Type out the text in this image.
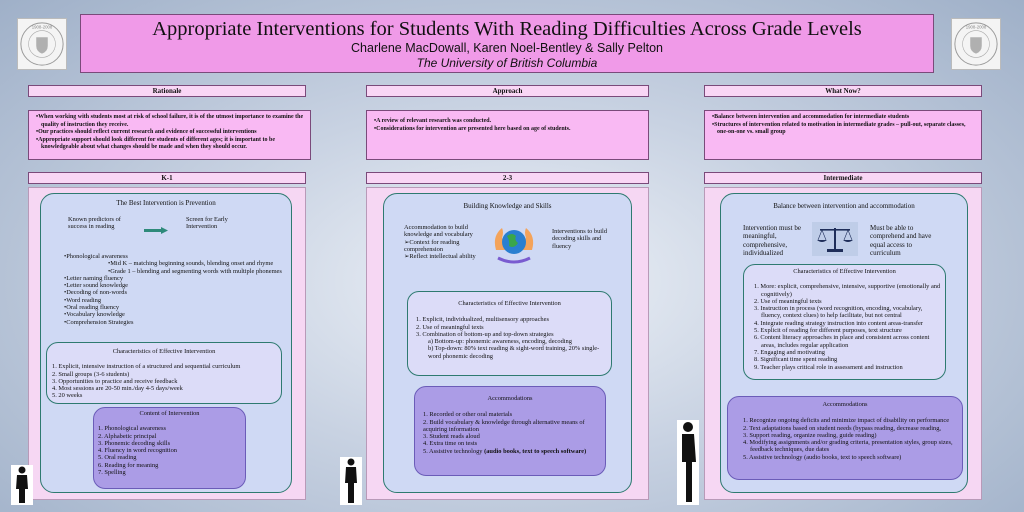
Appropriate Interventions for Students With Reading Difficulties Across Grade Levels
Charlene MacDowall, Karen Noel-Bentley & Sally Pelton
The University of British Columbia
1908-2008	1908-2008
Rationale	Approach	What Now?
• When working with students most at risk of school failure, it is of the utmost importance to examine the quality of instruction they receive.
• Our practices should reflect current research and evidence of successful interventions
• Appropriate support should look different for students of different ages; it is important to be knowledgeable about what changes should be made and when they should occur.
• A review of relevant research was conducted.
• Considerations for intervention are presented here based on age of students.
• Balance between intervention and accommodation for intermediate students
• Structures of intervention related to motivation in intermediate grades – pull-out, separate classes, one-on-one vs. small group
K-1	2-3	Intermediate
The Best Intervention is Prevention
Known predictors of success in reading
Screen for Early Intervention
•Phonological awareness
•Mid K – matching beginning sounds, blending onset and rhyme
•Grade 1 – blending and segmenting words with multiple phonemes
•Letter naming fluency
•Letter sound knowledge
•Decoding of non-words
•Word reading
•Oral reading fluency
•Vocabulary knowledge
•Comprehension Strategies
Characteristics of Effective Intervention
1. Explicit, intensive instruction of a structured and sequential curriculum
2. Small groups (3-6 students)
3. Opportunities to practice and receive feedback
4. Most sessions are 20-50 min./day 4-5 days/week
5. 20 weeks
Content of Intervention
1. Phonological awareness
2. Alphabetic principal
3. Phonemic decoding skills
4. Fluency in word recognition
5. Oral reading
6. Reading for meaning
7. Spelling
Building Knowledge and Skills
Accommodation to build knowledge and vocabulary
➢Context for reading comprehension
➢Reflect intellectual ability
Interventions to build decoding skills and fluency
Characteristics of Effective Intervention
1. Explicit, individualized, multisensory approaches
2. Use of meaningful texts
3. Combination of bottom-up and top-down strategies
a) Bottom-up: phonemic awareness, encoding, decoding
b) Top-down: 80% text reading & sight-word training, 20% single-word phonemic decoding
Accommodations
1. Recorded or other oral materials
2. Build vocabulary & knowledge through alternative means of acquiring information
3. Student reads aloud
4. Extra time on tests
5. Assistive technology (audio books, text to speech software)
Balance between intervention and accommodation
Intervention must be meaningful, comprehensive, individualized
Must be able to comprehend and have equal access to curriculum
Characteristics of Effective Intervention
1. More: explicit, comprehensive, intensive, supportive (emotionally and cognitively)
2. Use of meaningful texts
3. Instruction in process (word recognition, encoding, vocabulary, fluency, context clues) to help facilitate, but not central
4. Integrate reading strategy instruction into content areas-transfer
5. Explicit of reading for different purposes, text structure
6. Content literacy approaches in place and consistent across content areas, includes regular application
7. Engaging and motivating
8. Significant time spent reading
9. Teacher plays critical role in assessment and instruction
Accommodations
1. Recognize ongoing deficits and minimize impact of disability on performance
2. Text adaptations based on student needs (bypass reading, decrease reading,
3. Support reading, organize reading, guide reading)
4. Modifying assignments and/or grading criteria, presentation styles, group sizes, feedback techniques, due dates
5. Assistive technology (audio books, text to speech software)
